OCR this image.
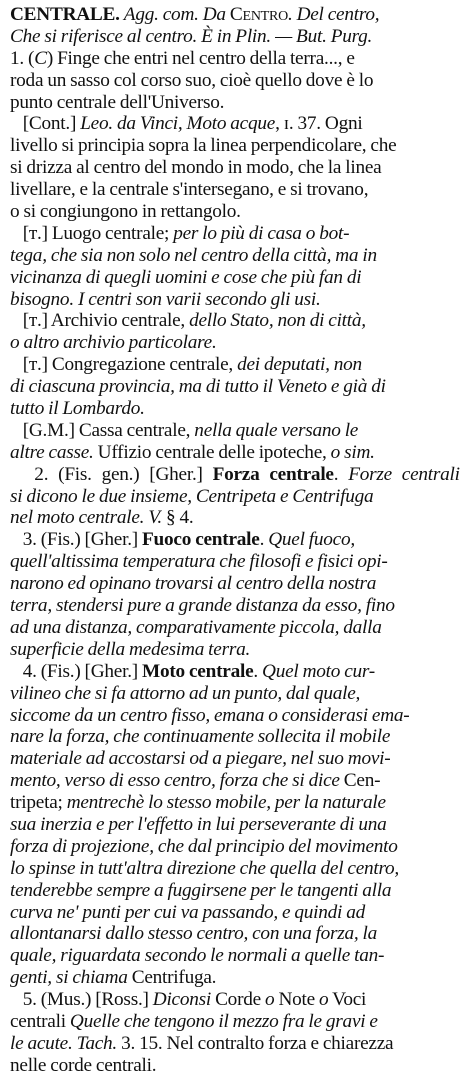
CENTRALE. Agg. com. Da Centro. Del centro,
Che si riferisce al centro. È in Plin. — But. Purg.
1. (C) Finge che entri nel centro della terra..., e
roda un sasso col corso suo, cioè quello dove è lo
punto centrale dell'Universo.
[Cont.] Leo. da Vinci, Moto acque, ɪ. 37. Ogni
livello si principia sopra la linea perpendicolare, che
si drizza al centro del mondo in modo, che la linea
livellare, e la centrale s'intersegano, e si trovano,
o si congiungono in rettangolo.
[ᴛ.] Luogo centrale; per lo più di casa o bot-
tega, che sia non solo nel centro della città, ma in
vicinanza di quegli uomini e cose che più fan di
bisogno. I centri son varii secondo gli usi.
[ᴛ.] Archivio centrale, dello Stato, non di città,
o altro archivio particolare.
[ᴛ.] Congregazione centrale, dei deputati, non
di ciascuna provincia, ma di tutto il Veneto e già di
tutto il Lombardo.
[G.M.] Cassa centrale, nella quale versano le
altre casse. Uffizio centrale delle ipoteche, o sim.
2. (Fis. gen.) [Gher.] Forza centrale. Forze centrali
si dicono le due insieme, Centripeta e Centrifuga
nel moto centrale. V. § 4.
3. (Fis.) [Gher.] Fuoco centrale. Quel fuoco,
quell'altissima temperatura che filosofi e fisici opi-
narono ed opinano trovarsi al centro della nostra
terra, stendersi pure a grande distanza da esso, fino
ad una distanza, comparativamente piccola, dalla
superficie della medesima terra.
4. (Fis.) [Gher.] Moto centrale. Quel moto cur-
vilineo che si fa attorno ad un punto, dal quale,
siccome da un centro fisso, emana o considerasi ema-
nare la forza, che continuamente sollecita il mobile
materiale ad accostarsi od a piegare, nel suo movi-
mento, verso di esso centro, forza che si dice Cen-
tripeta; mentrechè lo stesso mobile, per la naturale
sua inerzia e per l'effetto in lui perseverante di una
forza di projezione, che dal principio del movimento
lo spinse in tutt'altra direzione che quella del centro,
tenderebbe sempre a fuggirsene per le tangenti alla
curva ne' punti per cui va passando, e quindi ad
allontanarsi dallo stesso centro, con una forza, la
quale, riguardata secondo le normali a quelle tan-
genti, si chiama Centrifuga.
5. (Mus.) [Ross.] Diconsi Corde o Note o Voci
centrali Quelle che tengono il mezzo fra le gravi e
le acute. Tach. 3. 15. Nel contralto forza e chiarezza
nelle corde centrali.
